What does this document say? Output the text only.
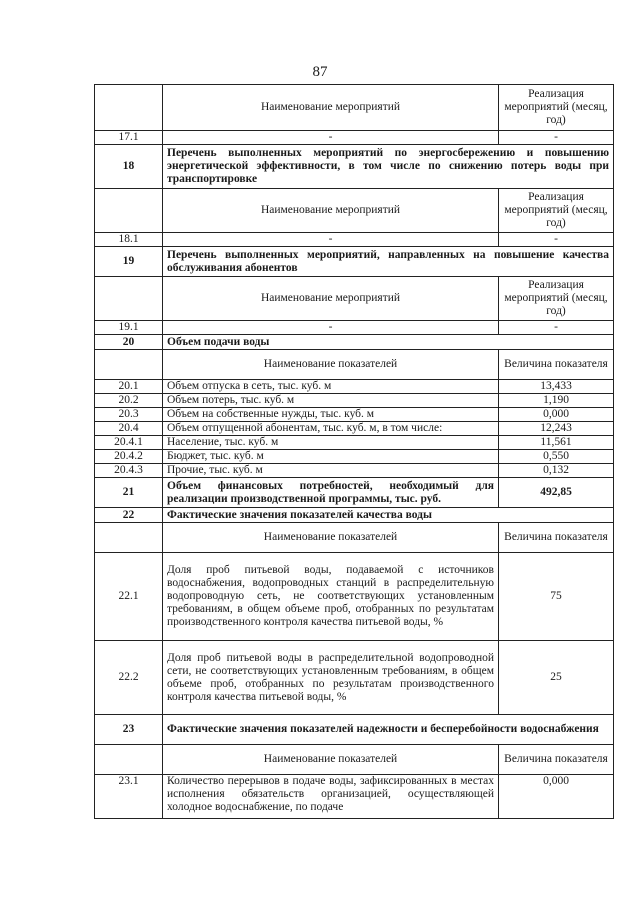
87
	Наименование мероприятий	Реализация мероприятий (месяц, год)
17.1	-	-
18	Перечень выполненных мероприятий по энергосбережению и повышению энергетической эффективности, в том числе по снижению потерь воды при транспортировке	
	Наименование мероприятий	Реализация мероприятий (месяц, год)
18.1	-	-
19	Перечень выполненных мероприятий, направленных на повышение качества обслуживания абонентов	
	Наименование мероприятий	Реализация мероприятий (месяц, год)
19.1	-	-
20	Объем подачи воды	
	Наименование показателей	Величина показателя
20.1	Объем отпуска в сеть, тыс. куб. м	13,433
20.2	Объем потерь, тыс. куб. м	1,190
20.3	Объем на собственные нужды, тыс. куб. м	0,000
20.4	Объем отпущенной абонентам, тыс. куб. м, в том числе:	12,243
20.4.1	Население, тыс. куб. м	11,561
20.4.2	Бюджет, тыс. куб. м	0,550
20.4.3	Прочие, тыс. куб. м	0,132
21	Объем финансовых потребностей, необходимый для реализации производственной программы, тыс. руб.	492,85
22	Фактические значения показателей качества воды	
	Наименование показателей	Величина показателя
22.1	Доля проб питьевой воды, подаваемой с источников водоснабжения, водопроводных станций в распределительную водопроводную сеть, не соответствующих установленным требованиям, в общем объеме проб, отобранных по результатам производственного контроля качества питьевой воды, %	75
22.2	Доля проб питьевой воды в распределительной водопроводной сети, не соответствующих установленным требованиям, в общем объеме проб, отобранных по результатам производственного контроля качества питьевой воды, %	25
23	Фактические значения показателей надежности и бесперебойности водоснабжения	
	Наименование показателей	Величина показателя
23.1	Количество перерывов в подаче воды, зафиксированных в местах исполнения обязательств организацией, осуществляющей холодное водоснабжение, по подаче	0,000
